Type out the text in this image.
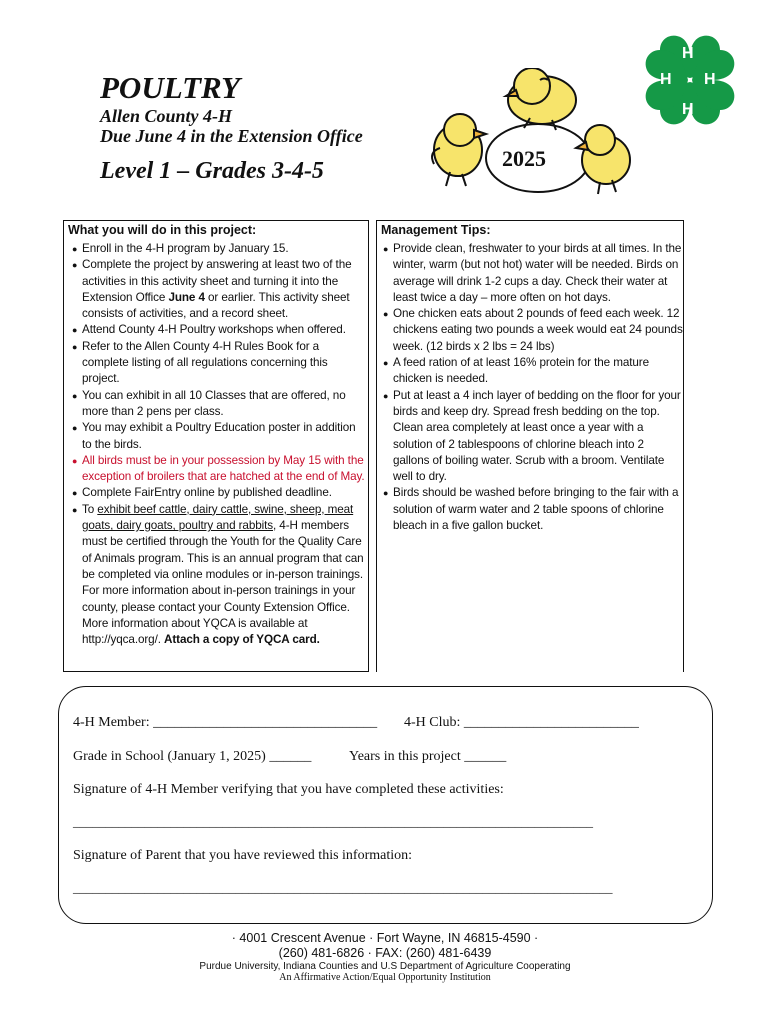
POULTRY
Allen County 4-H
Due June 4 in the Extension Office
Level 1 – Grades 3-4-5	2025
H
H
H
H
What you will do in this project:
● Enroll in the 4-H program by January 15.
● Complete the project by answering at least two of the activities in this activity sheet and turning it into the Extension Office June 4 or earlier. This activity sheet consists of activities, and a record sheet.
● Attend County 4-H Poultry workshops when offered.
● Refer to the Allen County 4-H Rules Book for a complete listing of all regulations concerning this project.
● You can exhibit in all 10 Classes that are offered, no more than 2 pens per class.
● You may exhibit a Poultry Education poster in addition to the birds.
● All birds must be in your possession by May 15 with the exception of broilers that are hatched at the end of May.
● Complete FairEntry online by published deadline.
● To exhibit beef cattle, dairy cattle, swine, sheep, meat goats, dairy goats, poultry and rabbits, 4-H members must be certified through the Youth for the Quality Care of Animals program. This is an annual program that can be completed via online modules or in-person trainings. For more information about in-person trainings in your county, please contact your County Extension Office. More information about YQCA is available at http://yqca.org/. Attach a copy of YQCA card.
Management Tips:
● Provide clean, freshwater to your birds at all times. In the winter, warm (but not hot) water will be needed. Birds on average will drink 1-2 cups a day. Check their water at least twice a day – more often on hot days.
● One chicken eats about 2 pounds of feed each week. 12 chickens eating two pounds a week would eat 24 pounds week. (12 birds x 2 lbs = 24 lbs)
● A feed ration of at least 16% protein for the mature chicken is needed.
● Put at least a 4 inch layer of bedding on the floor for your birds and keep dry. Spread fresh bedding on the top. Clean area completely at least once a year with a solution of 2 tablespoons of chlorine bleach into 2 gallons of boiling water. Scrub with a broom. Ventilate well to dry.
● Birds should be washed before bringing to the fair with a solution of warm water and 2 table spoons of chlorine bleach in a five gallon bucket.
4-H Member: ________________________________ 4-H Club: _________________________
Grade in School (January 1, 2025) ______	Years in this project ______
Signature of 4-H Member verifying that you have completed these activities:
________________________________________________________________________________
Signature of Parent that you have reviewed this information:
___________________________________________________________________________________
· 4001 Crescent Avenue · Fort Wayne, IN 46815-4590 ·
(260) 481-6826 · FAX: (260) 481-6439
Purdue University, Indiana Counties and U.S Department of Agriculture Cooperating
An Affirmative Action/Equal Opportunity Institution
